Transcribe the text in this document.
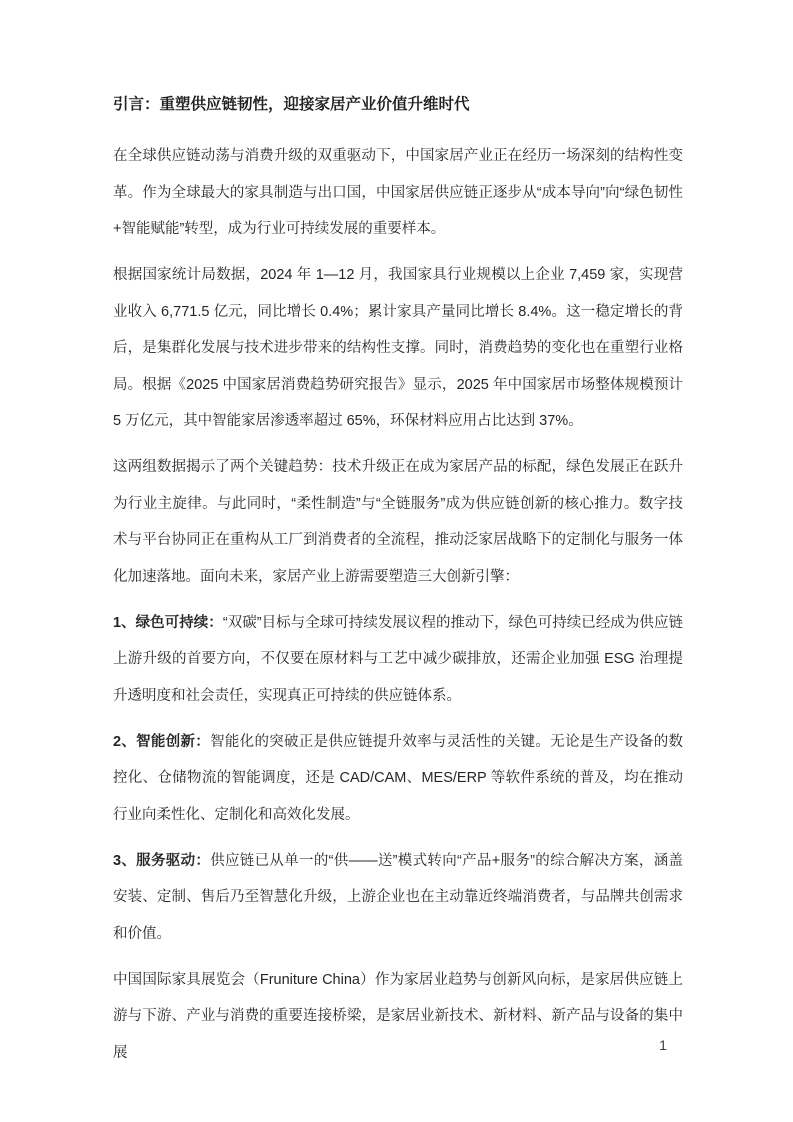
引言：重塑供应链韧性，迎接家居产业价值升维时代

在全球供应链动荡与消费升级的双重驱动下，中国家居产业正在经历一场深刻的结构性变革。作为全球最大的家具制造与出口国，中国家居供应链正逐步从“成本导向”向“绿色韧性+智能赋能”转型，成为行业可持续发展的重要样本。

根据国家统计局数据，2024 年 1—12 月，我国家具行业规模以上企业 7,459 家，实现营业收入 6,771.5 亿元，同比增长 0.4%；累计家具产量同比增长 8.4%。这一稳定增长的背后，是集群化发展与技术进步带来的结构性支撑。同时，消费趋势的变化也在重塑行业格局。根据《2025 中国家居消费趋势研究报告》显示，2025 年中国家居市场整体规模预计 5 万亿元，其中智能家居渗透率超过 65%，环保材料应用占比达到 37%。

这两组数据揭示了两个关键趋势：技术升级正在成为家居产品的标配，绿色发展正在跃升为行业主旋律。与此同时，“柔性制造”与“全链服务”成为供应链创新的核心推力。数字技术与平台协同正在重构从工厂到消费者的全流程，推动泛家居战略下的定制化与服务一体化加速落地。面向未来，家居产业上游需要塑造三大创新引擎：

1、绿色可持续：“双碳”目标与全球可持续发展议程的推动下，绿色可持续已经成为供应链上游升级的首要方向，不仅要在原材料与工艺中减少碳排放，还需企业加强 ESG 治理提升透明度和社会责任，实现真正可持续的供应链体系。

2、智能创新：智能化的突破正是供应链提升效率与灵活性的关键。无论是生产设备的数控化、仓储物流的智能调度，还是 CAD/CAM、MES/ERP 等软件系统的普及，均在推动行业向柔性化、定制化和高效化发展。

3、服务驱动：供应链已从单一的“供——送”模式转向“产品+服务”的综合解决方案，涵盖安装、定制、售后乃至智慧化升级，上游企业也在主动靠近终端消费者，与品牌共创需求和价值。

中国国际家具展览会（Fruniture China）作为家居业趋势与创新风向标，是家居供应链上游与下游、产业与消费的重要连接桥梁，是家居业新技术、新材料、新产品与设备的集中展	1
